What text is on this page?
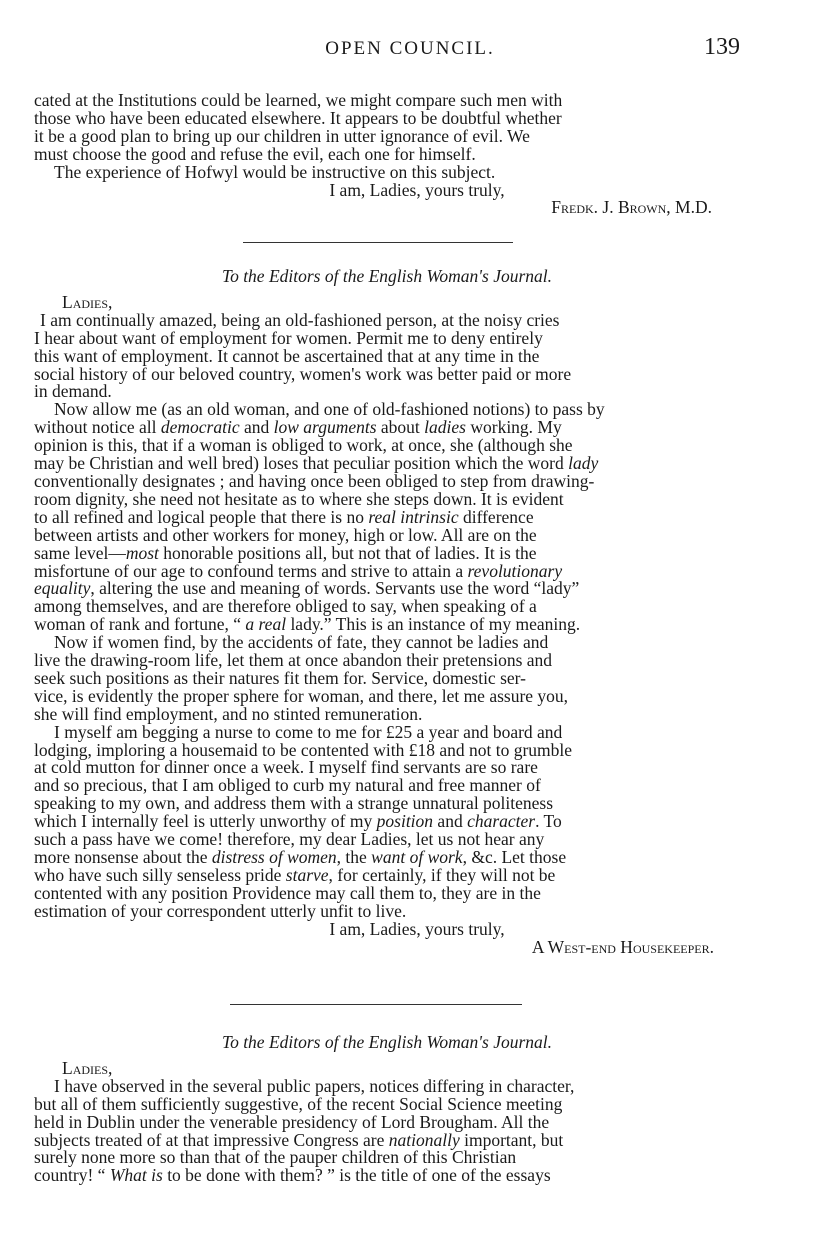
OPEN COUNCIL.	139

cated at the Institutions could be learned, we might compare such men with

those who have been educated elsewhere. It appears to be doubtful whether

it be a good plan to bring up our children in utter ignorance of evil. We

must choose the good and refuse the evil, each one for himself.

The experience of Hofwyl would be instructive on this subject.

I am, Ladies, yours truly,

Fredk. J. Brown, M.D.

To the Editors of the English Woman's Journal.

Ladies,

I am continually amazed, being an old-fashioned person, at the noisy cries

I hear about want of employment for women. Permit me to deny entirely

this want of employment. It cannot be ascertained that at any time in the

social history of our beloved country, women's work was better paid or more

in demand.

Now allow me (as an old woman, and one of old-fashioned notions) to pass by

without notice all democratic and low arguments about ladies working. My

opinion is this, that if a woman is obliged to work, at once, she (although she

may be Christian and well bred) loses that peculiar position which the word lady

conventionally designates ; and having once been obliged to step from drawing-

room dignity, she need not hesitate as to where she steps down. It is evident

to all refined and logical people that there is no real intrinsic difference

between artists and other workers for money, high or low. All are on the

same level—most honorable positions all, but not that of ladies. It is the

misfortune of our age to confound terms and strive to attain a revolutionary

equality, altering the use and meaning of words. Servants use the word “lady”

among themselves, and are therefore obliged to say, when speaking of a

woman of rank and fortune, “ a real lady.” This is an instance of my meaning.

Now if women find, by the accidents of fate, they cannot be ladies and

live the drawing-room life, let them at once abandon their pretensions and

seek such positions as their natures fit them for. Service, domestic ser-

vice, is evidently the proper sphere for woman, and there, let me assure you,

she will find employment, and no stinted remuneration.

I myself am begging a nurse to come to me for £25 a year and board and

lodging, imploring a housemaid to be contented with £18 and not to grumble

at cold mutton for dinner once a week. I myself find servants are so rare

and so precious, that I am obliged to curb my natural and free manner of

speaking to my own, and address them with a strange unnatural politeness

which I internally feel is utterly unworthy of my position and character. To

such a pass have we come! therefore, my dear Ladies, let us not hear any

more nonsense about the distress of women, the want of work, &c. Let those

who have such silly senseless pride starve, for certainly, if they will not be

contented with any position Providence may call them to, they are in the

estimation of your correspondent utterly unfit to live.

I am, Ladies, yours truly,

A West-end Housekeeper.

To the Editors of the English Woman's Journal.

Ladies,

I have observed in the several public papers, notices differing in character,

but all of them sufficiently suggestive, of the recent Social Science meeting

held in Dublin under the venerable presidency of Lord Brougham. All the

subjects treated of at that impressive Congress are nationally important, but

surely none more so than that of the pauper children of this Christian

country! “ What is to be done with them? ” is the title of one of the essays
